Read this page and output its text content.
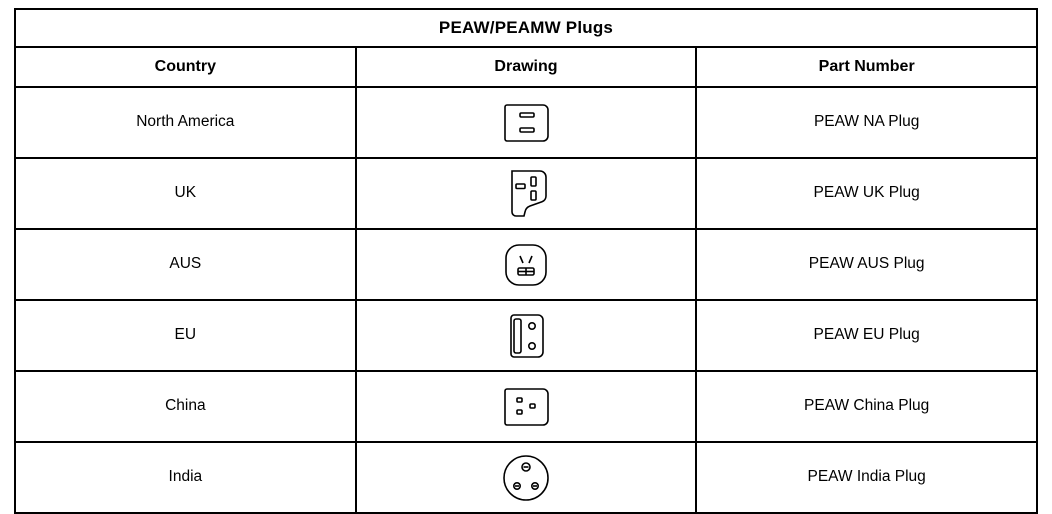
PEAW/PEAMW Plugs		
Country	Drawing	Part Number

North America		PEAW NA Plug

UK		PEAW UK Plug

AUS		PEAW AUS Plug

EU		PEAW EU Plug

China		PEAW China Plug

India		PEAW India Plug
